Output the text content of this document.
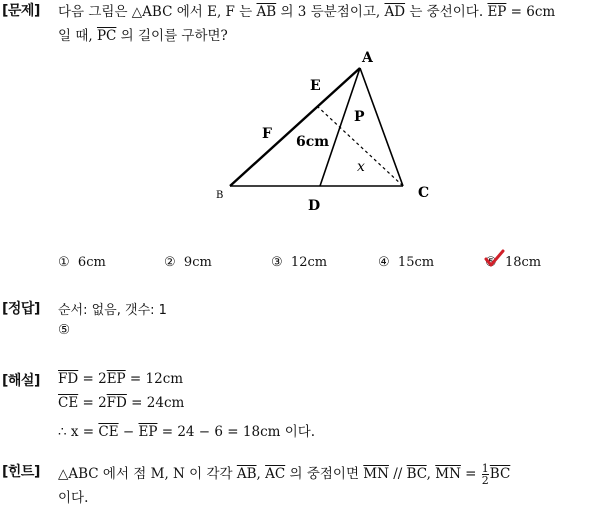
[문제] 다음 그림은 △ABC 에서 E, F 는 $\overline{AB}$ 의 3 등분점이고, $\overline{AD}$ 는 중선이다. $\overline{EP} = 6cm$
일 때, $\overline{PC}$ 의 길이를 구하면?
A
B	C
D
E
F
P
6cm
x
① 6cm	② 9cm	③ 12cm	④ 15cm	⑤ 18cm
[정답] 순서: 없음, 갯수: 1
⑤
[해설] $\overline{FD} = 2\overline{EP} = 12cm$
$\overline{CE} = 2\overline{FD} = 24cm$
∴ $x = \overline{CE} - \overline{EP} = 24 - 6 = 18cm$ 이다.
[힌트] △ABC 에서 점 M, N 이 각각 $\overline{AB}$, $\overline{AC}$ 의 중점이면 $\overline{MN} // \overline{BC}$, $\overline{MN} = \frac{1}{2} \overline{BC}$
이다.
